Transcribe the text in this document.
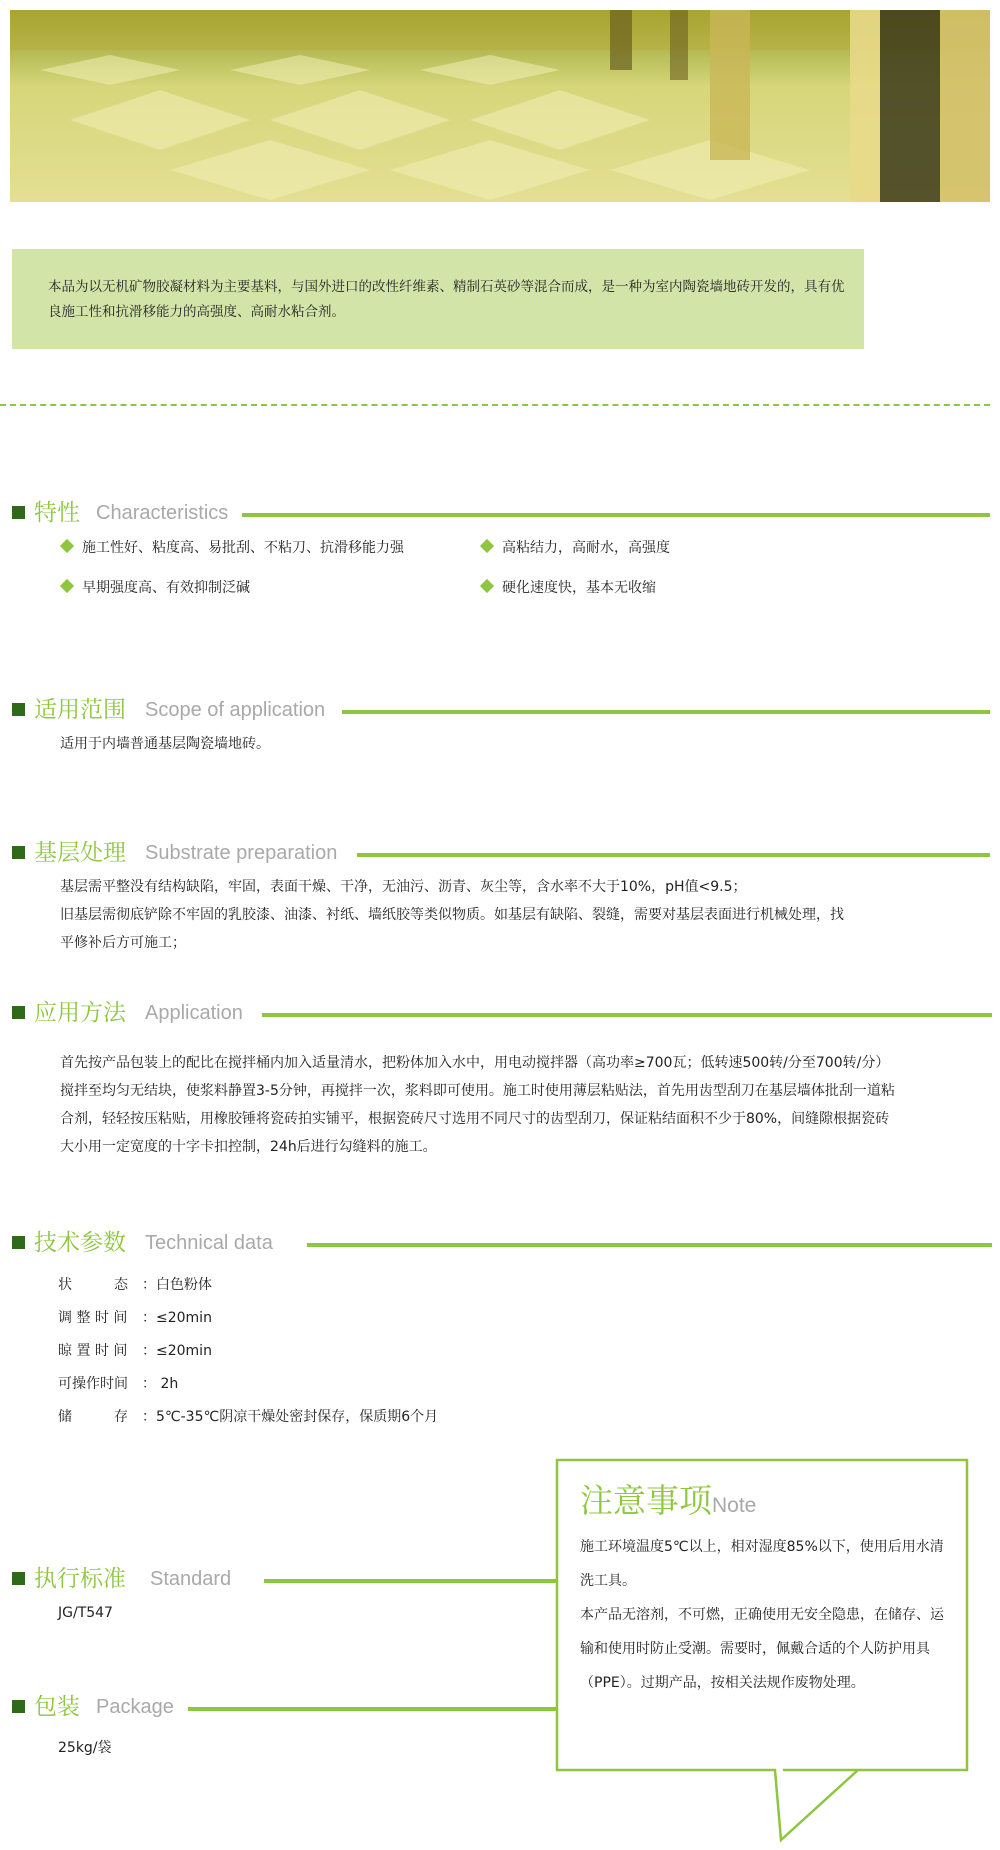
本品为以无机矿物胶凝材料为主要基料，与国外进口的改性纤维素、精制石英砂等混合而成，是一种为室内陶瓷墙地砖开发的，具有优良施工性和抗滑移能力的高强度、高耐水粘合剂。
特性 Characteristics
施工性好、粘度高、易批刮、不粘刀、抗滑移能力强	高粘结力，高耐水，高强度
早期强度高、有效抑制泛碱	硬化速度快，基本无收缩
适用范围 Scope of application
适用于内墙普通基层陶瓷墙地砖。
基层处理 Substrate preparation
基层需平整没有结构缺陷，牢固，表面干燥、干净，无油污、沥青、灰尘等，含水率不大于10%，pH值<9.5；
旧基层需彻底铲除不牢固的乳胶漆、油漆、衬纸、墙纸胶等类似物质。如基层有缺陷、裂缝，需要对基层表面进行机械处理，找平修补后方可施工；
应用方法 Application
首先按产品包装上的配比在搅拌桶内加入适量清水，把粉体加入水中，用电动搅拌器（高功率≥700瓦；低转速500转/分至700转/分）搅拌至均匀无结块，使浆料静置3-5分钟，再搅拌一次，浆料即可使用。施工时使用薄层粘贴法，首先用齿型刮刀在基层墙体批刮一道粘合剂，轻轻按压粘贴，用橡胶锤将瓷砖拍实铺平，根据瓷砖尺寸选用不同尺寸的齿型刮刀，保证粘结面积不少于80%，间缝隙根据瓷砖大小用一定宽度的十字卡扣控制，24h后进行勾缝料的施工。
技术参数 Technical data
状　　　态 ：白色粉体
调 整 时 间 ：≤20min
晾 置 时 间 ：≤20min
可操作时间 ： 2h
储　　　存 ：5℃-35℃阴凉干燥处密封保存，保质期6个月
执行标准 Standard
JG/T547
包装 Package
25kg/袋
注意事项Note
施工环境温度5℃以上，相对湿度85%以下，使用后用水清洗工具。
本产品无溶剂，不可燃，正确使用无安全隐患，在储存、运输和使用时防止受潮。需要时，佩戴合适的个人防护用具（PPE）。过期产品，按相关法规作废物处理。
